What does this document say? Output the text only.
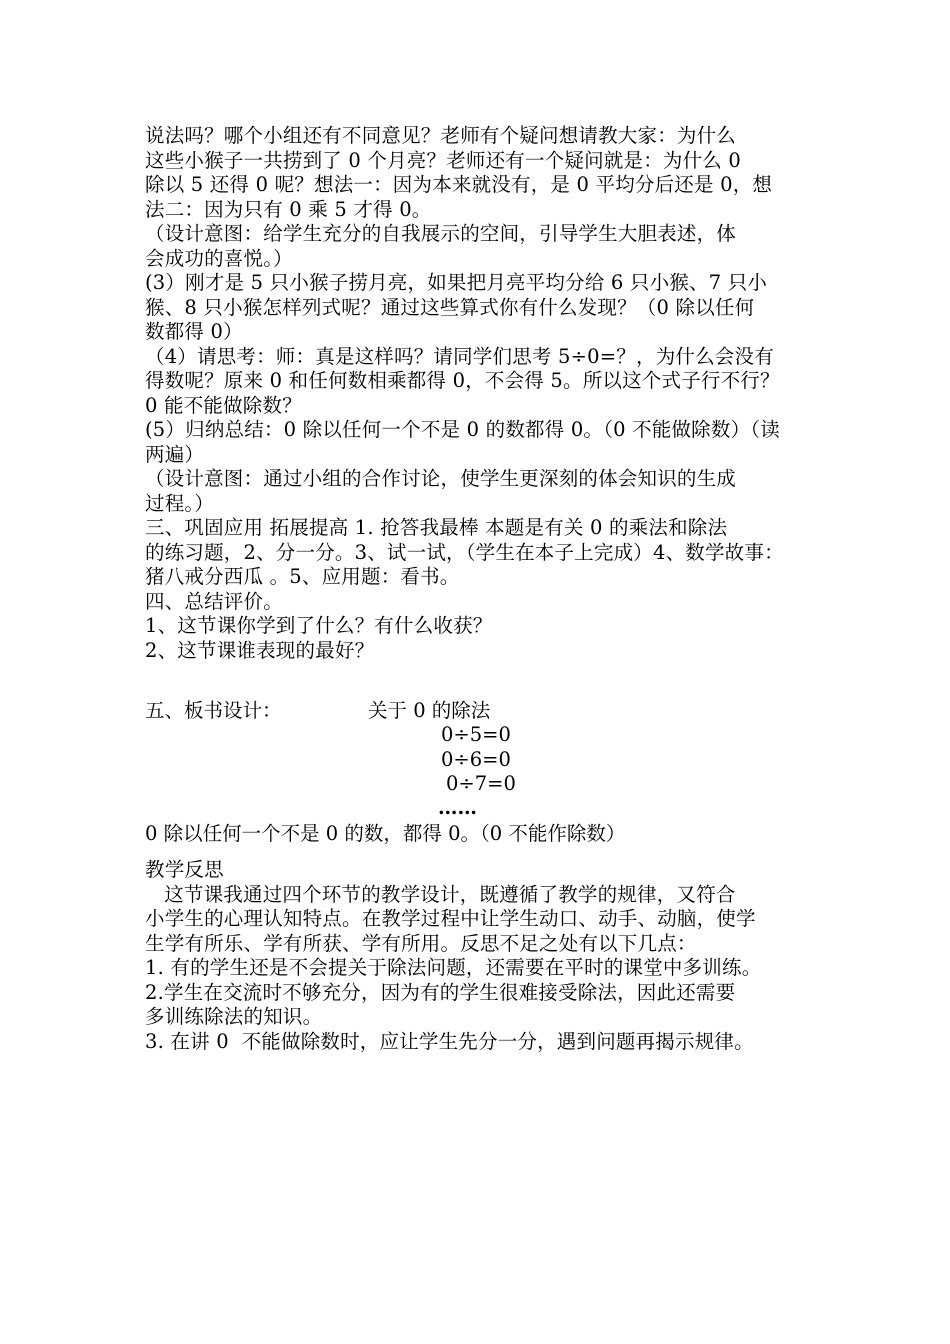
说法吗？哪个小组还有不同意见？老师有个疑问想请教大家：为什么
这些小猴子一共捞到了 0 个月亮？老师还有一个疑问就是：为什么 0
除以 5 还得 0 呢？想法一：因为本来就没有，是 0 平均分后还是 0，想
法二：因为只有 0 乘 5 才得 0。
（设计意图：给学生充分的自我展示的空间，引导学生大胆表述，体
会成功的喜悦。）
(3）刚才是 5 只小猴子捞月亮，如果把月亮平均分给 6 只小猴、7 只小
猴、8 只小猴怎样列式呢？通过这些算式你有什么发现？（0 除以任何
数都得 0）
（4）请思考：师：真是这样吗？请同学们思考 5÷0=？，为什么会没有
得数呢？原来 0 和任何数相乘都得 0，不会得 5。所以这个式子行不行？
0 能不能做除数？
(5）归纳总结：0 除以任何一个不是 0 的数都得 0。（0 不能做除数）（读
两遍）
（设计意图：通过小组的合作讨论，使学生更深刻的体会知识的生成
过程。）
三、巩固应用 拓展提高 1. 抢答我最棒 本题是有关 0 的乘法和除法
的练习题，2、分一分。3、试一试，（学生在本子上完成）4、数学故事：
猪八戒分西瓜 。5、应用题：看书。
四、总结评价。
1、这节课你学到了什么？有什么收获？
2、这节课谁表现的最好？
五、板书设计：	关于 0 的除法
0÷5=0
0÷6=0
0÷7=0
……
0 除以任何一个不是 0 的数，都得 0。（0 不能作除数）
教学反思
这节课我通过四个环节的教学设计，既遵循了教学的规律，又符合
小学生的心理认知特点。在教学过程中让学生动口、动手、动脑，使学
生学有所乐、学有所获、学有所用。反思不足之处有以下几点：
1. 有的学生还是不会提关于除法问题，还需要在平时的课堂中多训练。
2.学生在交流时不够充分，因为有的学生很难接受除法，因此还需要
多训练除法的知识。
3. 在讲 0  不能做除数时，应让学生先分一分，遇到问题再揭示规律。
